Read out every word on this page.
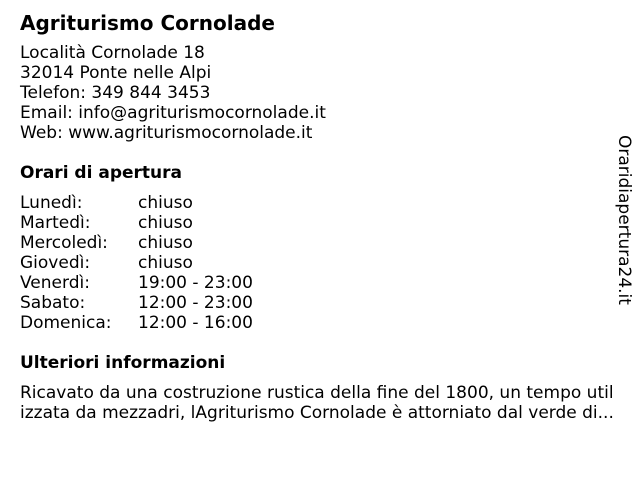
Agriturismo Cornolade
Località Cornolade 18
32014 Ponte nelle Alpi
Telefon: 349 844 3453
Email: info@agriturismocornolade.it
Web: www.agriturismocornolade.it
Orari di apertura
Lunedì:	chiuso
Martedì:	chiuso
Mercoledì:	chiuso
Giovedì:	chiuso
Venerdì:	19:00 - 23:00
Sabato:	12:00 - 23:00
Domenica:	12:00 - 16:00
Ulteriori informazioni
Ricavato da una costruzione rustica della fine del 1800, un tempo util
izzata da mezzadri, lAgriturismo Cornolade è attorniato dal verde di...
Oraridiapertura24.it
